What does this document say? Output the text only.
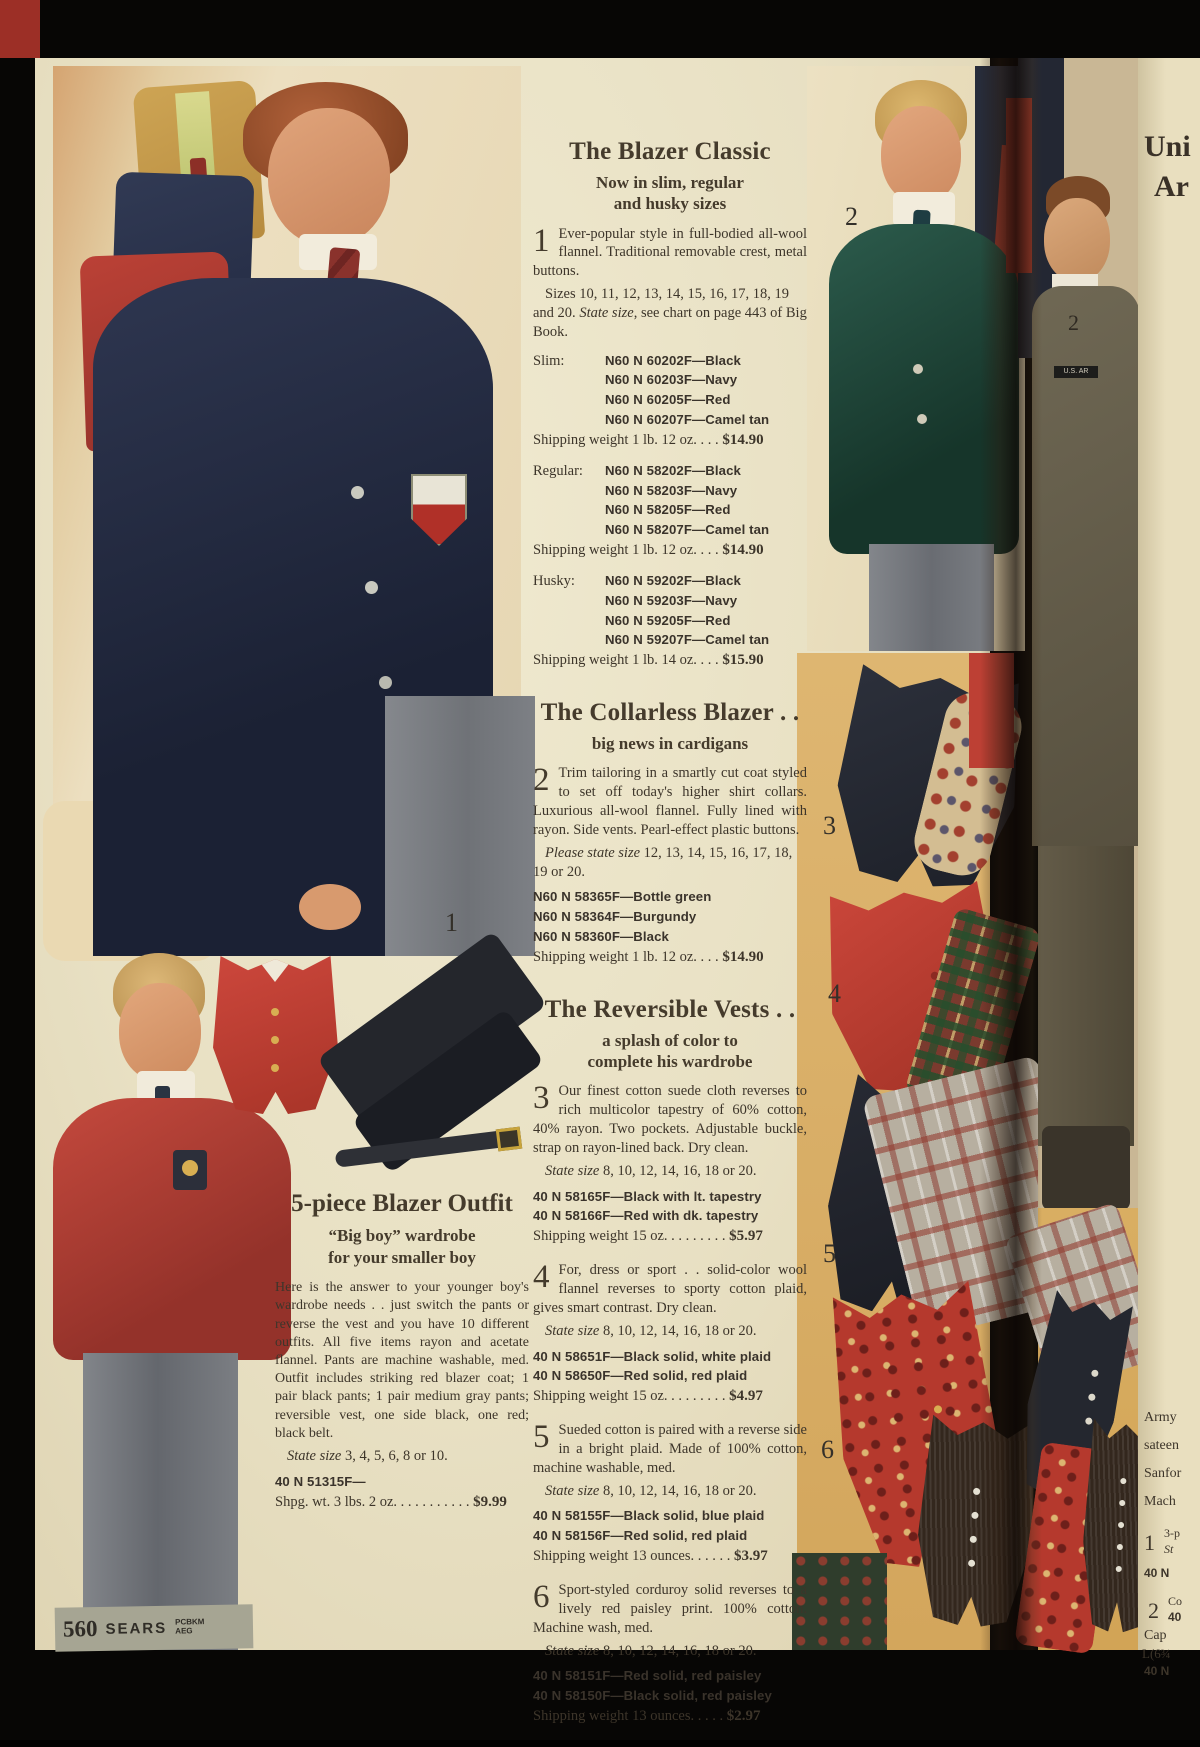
1
2
3
4
5
6
The Blazer Classic
Now in slim, regular
and husky sizes
1 Ever-popular style in full-bodied all-wool flannel. Traditional removable crest, metal buttons.

Sizes 10, 11, 12, 13, 14, 15, 16, 17, 18, 19 and 20. State size, see chart on page 443 of Big Book.

Slim:	N60 N 60202F—Black
N60 N 60203F—Navy
N60 N 60205F—Red
N60 N 60207F—Camel tan

Shipping weight 1 lb. 12 oz. . . . $14.90

Regular:	N60 N 58202F—Black
N60 N 58203F—Navy
N60 N 58205F—Red
N60 N 58207F—Camel tan

Shipping weight 1 lb. 12 oz. . . . $14.90

Husky:	N60 N 59202F—Black
N60 N 59203F—Navy
N60 N 59205F—Red
N60 N 59207F—Camel tan

Shipping weight 1 lb. 14 oz. . . . $15.90

The Collarless Blazer . .
big news in cardigans
2 Trim tailoring in a smartly cut coat styled to set off today's higher shirt collars. Luxurious all-wool flannel. Fully lined with rayon. Side vents. Pearl-effect plastic buttons.

Please state size 12, 13, 14, 15, 16, 17, 18, 19 or 20.

N60 N 58365F—Bottle green
N60 N 58364F—Burgundy
N60 N 58360F—Black

Shipping weight 1 lb. 12 oz. . . . $14.90

The Reversible Vests . .
a splash of color to
complete his wardrobe
3 Our finest cotton suede cloth reverses to rich multicolor tapestry of 60% cotton, 40% rayon. Two pockets. Adjustable buckle, strap on rayon-lined back. Dry clean.

State size 8, 10, 12, 14, 16, 18 or 20.

40 N 58165F—Black with lt. tapestry
40 N 58166F—Red with dk. tapestry

Shipping weight 15 oz. . . . . . . . . $5.97

4 For, dress or sport . . solid-color wool flannel reverses to sporty cotton plaid, gives smart contrast. Dry clean.

State size 8, 10, 12, 14, 16, 18 or 20.

40 N 58651F—Black solid, white plaid
40 N 58650F—Red solid, red plaid

Shipping weight 15 oz. . . . . . . . . $4.97

5 Sueded cotton is paired with a reverse side in a bright plaid. Made of 100% cotton, machine washable, med.

State size 8, 10, 12, 14, 16, 18 or 20.

40 N 58155F—Black solid, blue plaid
40 N 58156F—Red solid, red plaid

Shipping weight 13 ounces. . . . . . $3.97

6 Sport-styled corduroy solid reverses to a lively red paisley print. 100% cotton. Machine wash, med.

State size 8, 10, 12, 14, 16, 18 or 20.

40 N 58151F—Red solid, red paisley
40 N 58150F—Black solid, red paisley

Shipping weight 13 ounces. . . . . $2.97

5-piece Blazer Outfit
“Big boy” wardrobe
for your smaller boy

Here is the answer to your younger boy's wardrobe needs . . just switch the pants or reverse the vest and you have 10 different outfits. All five items rayon and acetate flannel. Pants are machine washable, med. Outfit includes striking red blazer coat; 1 pair black pants; 1 pair medium gray pants; reversible vest, one side black, one red; black belt.

State size 3, 4, 5, 6, 8 or 10.

40 N 51315F—

Shpg. wt. 3 lbs. 2 oz. . . . . . . . . . . $9.99

560 SEARS PCBKM
AEG
U.S. AR
2
Uni
Ar
Army
sateen
Sanfor
Mach
1 3-p
St
40 N
2 Co
40
Cap
L(6¾
40 N
